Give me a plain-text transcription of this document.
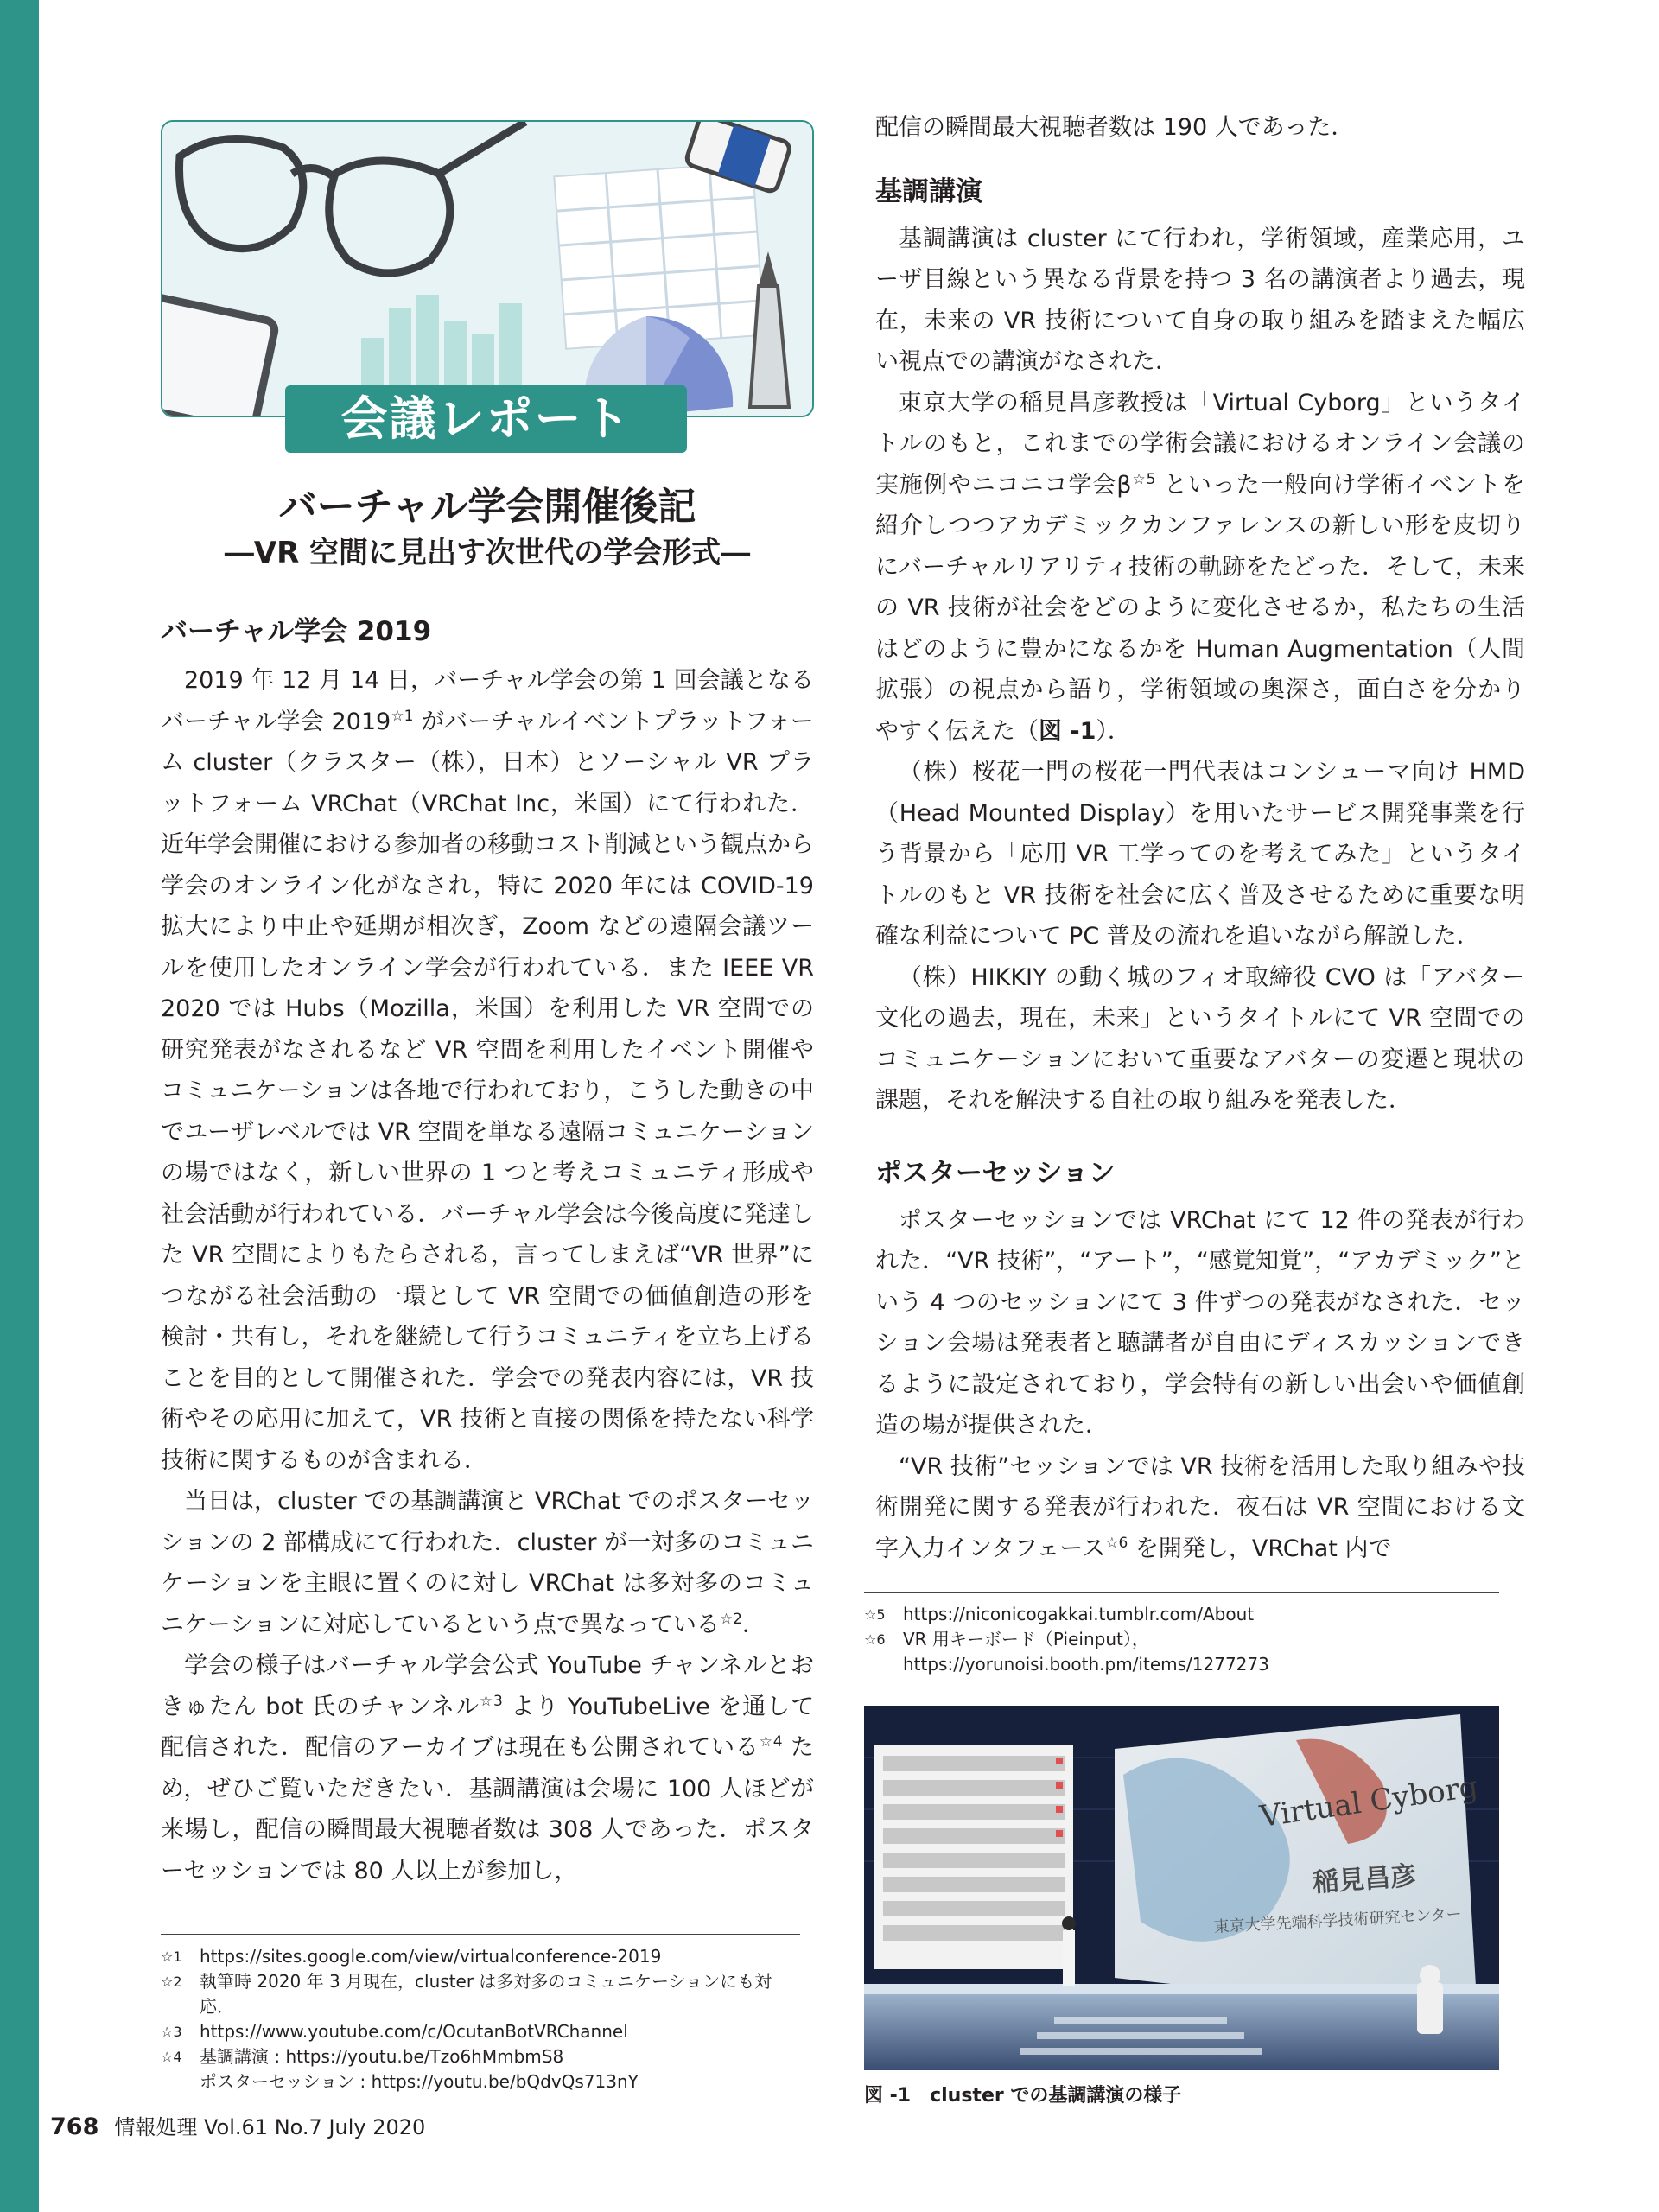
会議レポート
バーチャル学会開催後記
―VR 空間に見出す次世代の学会形式―

バーチャル学会 2019

2019 年 12 月 14 日，バーチャル学会の第 1 回会議となるバーチャル学会 $2019^{☆1}$ がバーチャルイベントプラットフォーム cluster（クラスター（株），日本）とソーシャル VR プラットフォーム VRChat（VRChat Inc，米国）にて行われた．近年学会開催における参加者の移動コスト削減という観点から学会のオンライン化がなされ，特に 2020 年には COVID-19 拡大により中止や延期が相次ぎ，Zoom などの遠隔会議ツールを使用したオンライン学会が行われている．また IEEE VR 2020 では Hubs（Mozilla，米国）を利用した VR 空間での研究発表がなされるなど VR 空間を利用したイベント開催やコミュニケーションは各地で行われており，こうした動きの中でユーザレベルでは VR 空間を単なる遠隔コミュニケーションの場ではなく，新しい世界の 1 つと考えコミュニティ形成や社会活動が行われている．バーチャル学会は今後高度に発達した VR 空間によりもたらされる，言ってしまえば“VR 世界”につながる社会活動の一環として VR 空間での価値創造の形を検討・共有し，それを継続して行うコミュニティを立ち上げることを目的として開催された．学会での発表内容には，VR 技術やその応用に加えて，VR 技術と直接の関係を持たない科学技術に関するものが含まれる．

当日は，cluster での基調講演と VRChat でのポスターセッションの 2 部構成にて行われた．cluster が一対多のコミュニケーションを主眼に置くのに対し VRChat は多対多のコミュニケーションに対応しているという点で異なっている$^{☆2}$．

学会の様子はバーチャル学会公式 YouTube チャンネルとおきゅたん bot 氏のチャンネル$^{☆3}$ より YouTubeLive を通して配信された．配信のアーカイブは現在も公開されている$^{☆4}$ ため，ぜひご覧いただきたい．基調講演は会場に 100 人ほどが来場し，配信の瞬間最大視聴者数は 308 人であった．ポスターセッションでは 80 人以上が参加し，

☆1	https://sites.google.com/view/virtualconference-2019
☆2	執筆時 2020 年 3 月現在，cluster は多対多のコミュニケーションにも対応．
☆3	https://www.youtube.com/c/OcutanBotVRChannel
☆4	基調講演 : https://youtu.be/Tzo6hMmbmS8
ポスターセッション : https://youtu.be/bQdvQs713nY

配信の瞬間最大視聴者数は 190 人であった．

基調講演

基調講演は cluster にて行われ，学術領域，産業応用，ユーザ目線という異なる背景を持つ 3 名の講演者より過去，現在，未来の VR 技術について自身の取り組みを踏まえた幅広い視点での講演がなされた．

東京大学の稲見昌彦教授は「Virtual Cyborg」というタイトルのもと，これまでの学術会議におけるオンライン会議の実施例やニコニコ学会$\beta^{☆5}$ といった一般向け学術イベントを紹介しつつアカデミックカンファレンスの新しい形を皮切りにバーチャルリアリティ技術の軌跡をたどった．そして，未来の VR 技術が社会をどのように変化させるか，私たちの生活はどのように豊かになるかを Human Augmentation（人間拡張）の視点から語り，学術領域の奥深さ，面白さを分かりやすく伝えた（図 -1）．

（株）桜花一門の桜花一門代表はコンシューマ向け HMD（Head Mounted Display）を用いたサービス開発事業を行う背景から「応用 VR 工学ってのを考えてみた」というタイトルのもと VR 技術を社会に広く普及させるために重要な明確な利益について PC 普及の流れを追いながら解説した．

（株）HIKKIY の動く城のフィオ取締役 CVO は「アバター文化の過去，現在，未来」というタイトルにて VR 空間でのコミュニケーションにおいて重要なアバターの変遷と現状の課題，それを解決する自社の取り組みを発表した．

ポスターセッション

ポスターセッションでは VRChat にて 12 件の発表が行われた．“VR 技術”，“アート”，“感覚知覚”，“アカデミック”という 4 つのセッションにて 3 件ずつの発表がなされた．セッション会場は発表者と聴講者が自由にディスカッションできるように設定されており，学会特有の新しい出会いや価値創造の場が提供された．

“VR 技術”セッションでは VR 技術を活用した取り組みや技術開発に関する発表が行われた．夜石は VR 空間における文字入力インタフェース$^{☆6}$ を開発し，VRChat 内で

☆5	https://niconicogakkai.tumblr.com/About
☆6	VR 用キーボード（Pieinput），
https://yorunoisi.booth.pm/items/1277273
Virtual Cyborg
稲見昌彦
東京大学先端科学技術研究センター
図 -1　cluster での基調講演の様子
768 情報処理 Vol.61 No.7 July 2020
